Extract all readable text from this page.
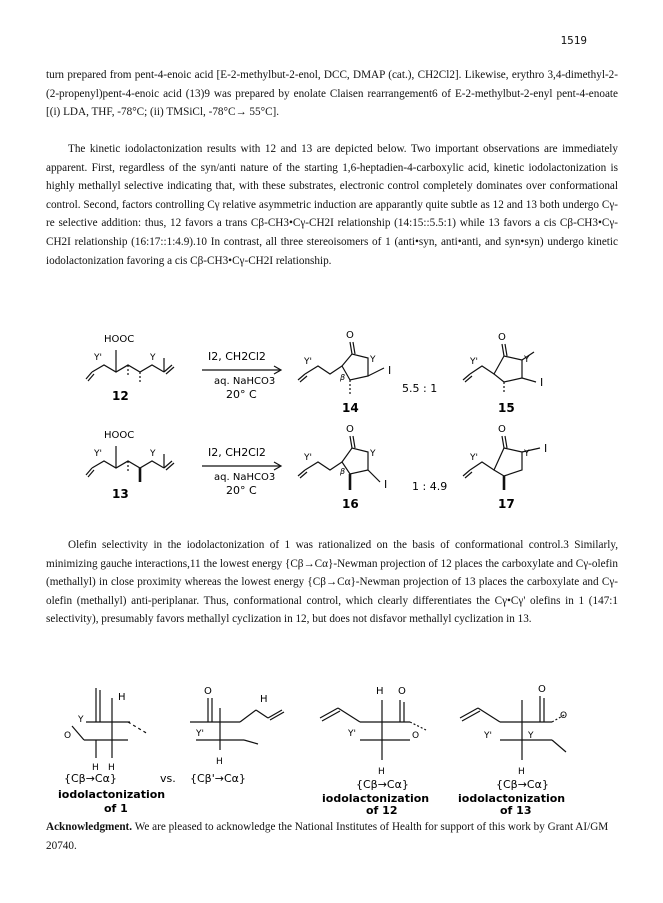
1519
turn prepared from pent-4-enoic acid [E-2-methylbut-2-enol, DCC, DMAP (cat.), CH2Cl2]. Likewise, erythro 3,4-dimethyl-2-(2-propenyl)pent-4-enoic acid (13)9 was prepared by enolate Claisen rearrangement6 of E-2-methylbut-2-enyl pent-4-enoate [(i) LDA, THF, -78°C; (ii) TMSiCl, -78°C→ 55°C].
The kinetic iodolactonization results with 12 and 13 are depicted below. Two important observations are immediately apparent. First, regardless of the syn/anti nature of the starting 1,6-heptadien-4-carboxylic acid, kinetic iodolactonization is highly methallyl selective indicating that, with these substrates, electronic control completely dominates over conformational control. Second, factors controlling Cγ relative asymmetric induction are apparantly quite subtle as 12 and 13 both undergo Cγ-re selective addition: thus, 12 favors a trans Cβ-CH3•Cγ-CH2I relationship (14:15::5.5:1) while 13 favors a cis Cβ-CH3•Cγ-CH2I relationship (16:17::1:4.9).10 In contrast, all three stereoisomers of 1 (anti•syn, anti•anti, and syn•syn) undergo kinetic iodolactonization favoring a cis Cβ-CH3•Cγ-CH2I relationship.
HOOC
Y'	Y
12
I2, CH2Cl2
aq. NaHCO3
20° C
O
Y
I
β
Y'
14
5.5 : 1
O
Y
Y'
I
15
HOOC
Y'	Y
13
I2, CH2Cl2
aq. NaHCO3
20° C
O
Y
Y'
I
β
16
1 : 4.9
O
Y
Y'
I
17
Olefin selectivity in the iodolactonization of 1 was rationalized on the basis of conformational control.3 Similarly, minimizing gauche interactions,11 the lowest energy {Cβ→Cα}-Newman projection of 12 places the carboxylate and Cγ-olefin (methallyl) in close proximity whereas the lowest energy {Cβ→Cα}-Newman projection of 13 places the carboxylate and Cγ-olefin (methallyl) anti-periplanar. Thus, conformational control, which clearly differentiates the Cγ•Cγ' olefins in 1 (147:1 selectivity), presumably favors methallyl cyclization in 12, but does not disfavor methallyl cyclization in 13.
H
Y
O
H H
{Cβ→Cα}	vs.
O
H
Y'
H
{Cβ'→Cα}
H O
O
Y'
H
{Cβ→Cα}
O
O
Y'	Y
H
{Cβ→Cα}
iodolactonization
of 1
iodolactonization
of 12
iodolactonization
of 13
Acknowledgment. We are pleased to acknowledge the National Institutes of Health for support of this work by Grant AI/GM 20740.
